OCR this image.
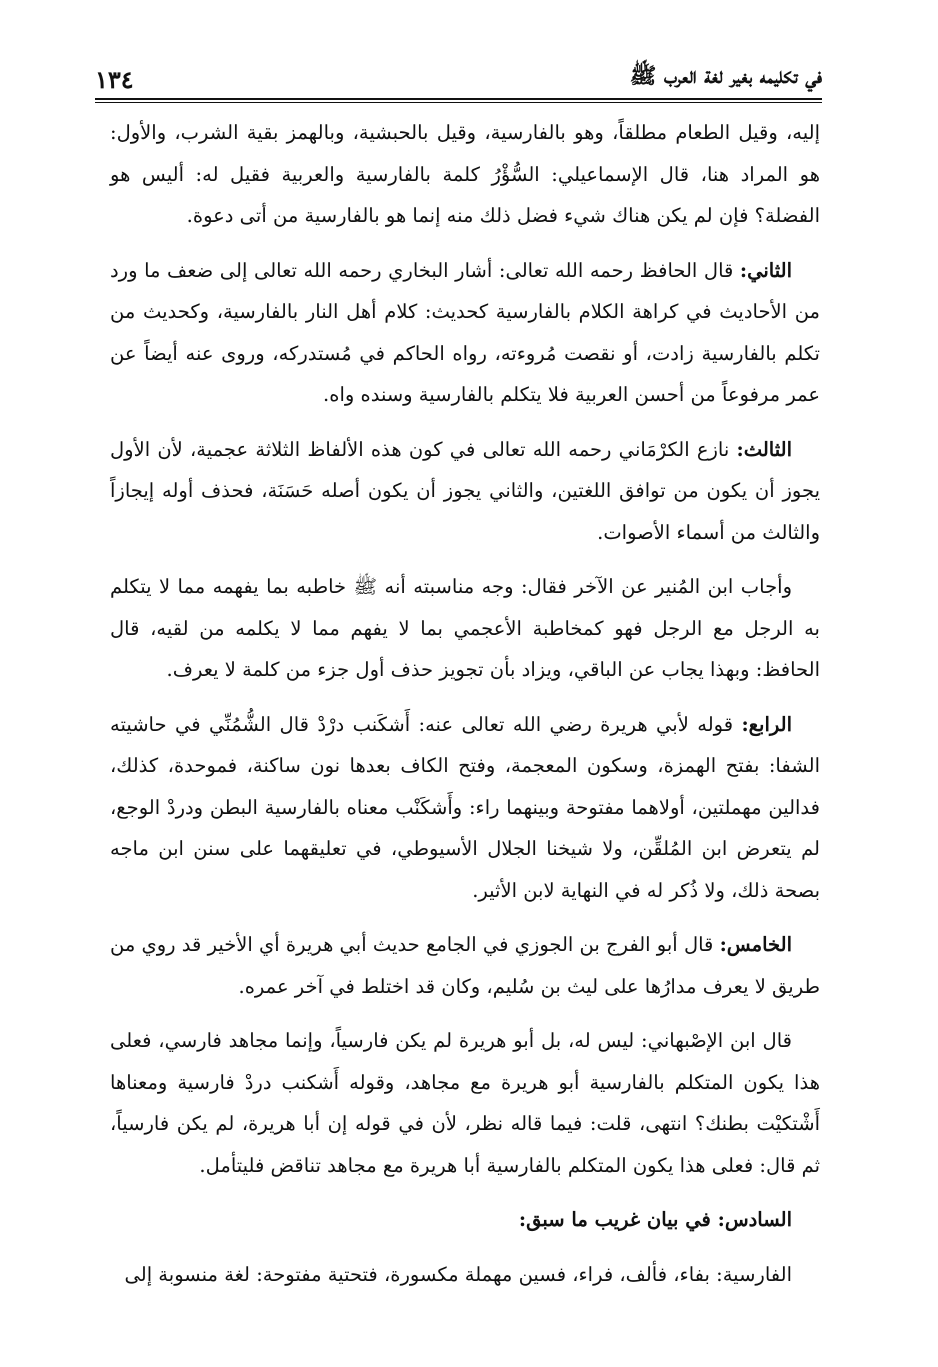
في تكليمه بغير لغة العرب ﷺ
١٣٤

إليه، وقيل الطعام مطلقاً، وهو بالفارسية، وقيل بالحبشية، وبالهمز بقية الشرب، والأول: هو المراد هنا، قال الإسماعيلي: السُّؤْرُ كلمة بالفارسية والعربية فقيل له: أليس هو الفضلة؟ فإن لم يكن هناك شيء فضل ذلك منه إنما هو بالفارسية من أتى دعوة.

الثاني: قال الحافظ رحمه الله تعالى: أشار البخاري رحمه الله تعالى إلى ضعف ما ورد من الأحاديث في كراهة الكلام بالفارسية كحديث: كلام أهل النار بالفارسية، وكحديث من تكلم بالفارسية زادت، أو نقصت مُروءته، رواه الحاكم في مُستدركه، وروى عنه أيضاً عن عمر مرفوعاً من أحسن العربية فلا يتكلم بالفارسية وسنده واه.

الثالث: نازع الكرْمَاني رحمه الله تعالى في كون هذه الألفاظ الثلاثة عجمية، لأن الأول يجوز أن يكون من توافق اللغتين، والثاني يجوز أن يكون أصله حَسَنَة، فحذف أوله إيجازاً والثالث من أسماء الأصوات.

وأجاب ابن المُنير عن الآخر فقال: وجه مناسبته أنه ﷺ خاطبه بما يفهمه مما لا يتكلم به الرجل مع الرجل فهو كمخاطبة الأعجمي بما لا يفهم مما لا يكلمه من لقيه، قال الحافظ: وبهذا يجاب عن الباقي، ويزاد بأن تجويز حذف أول جزء من كلمة لا يعرف.

الرابع: قوله لأبي هريرة رضي الله تعالى عنه: أَشكَنب درْدْ قال الشُّمُنِّي في حاشيته الشفا: بفتح الهمزة، وسكون المعجمة، وفتح الكاف بعدها نون ساكنة، فموحدة، كذلك، فدالين مهملتين، أولاهما مفتوحة وبينهما راء: وأَشكَنْب معناه بالفارسية البطن ودردْ الوجع، لم يتعرض ابن المُلقِّن، ولا شيخنا الجلال الأسيوطي، في تعليقهما على سنن ابن ماجه بصحة ذلك، ولا ذُكر له في النهاية لابن الأثير.

الخامس: قال أبو الفرج بن الجوزي في الجامع حديث أبي هريرة أي الأخير قد روي من طريق لا يعرف مدارُها على ليث بن سُليم، وكان قد اختلط في آخر عمره.

قال ابن الإصْبهاني: ليس له، بل أبو هريرة لم يكن فارسياً، وإنما مجاهد فارسي، فعلى هذا يكون المتكلم بالفارسية أبو هريرة مع مجاهد، وقوله أَشكنب دردْ فارسية ومعناها أَشْتكيْت بطنك؟ انتهى، قلت: فيما قاله نظر، لأن في قوله إن أبا هريرة، لم يكن فارسياً، ثم قال: فعلى هذا يكون المتكلم بالفارسية أبا هريرة مع مجاهد تناقض فليتأمل.

السادس: في بيان غريب ما سبق:

الفارسية: بفاء، فألف، فراء، فسين مهملة مكسورة، فتحتية مفتوحة: لغة منسوبة إلى
